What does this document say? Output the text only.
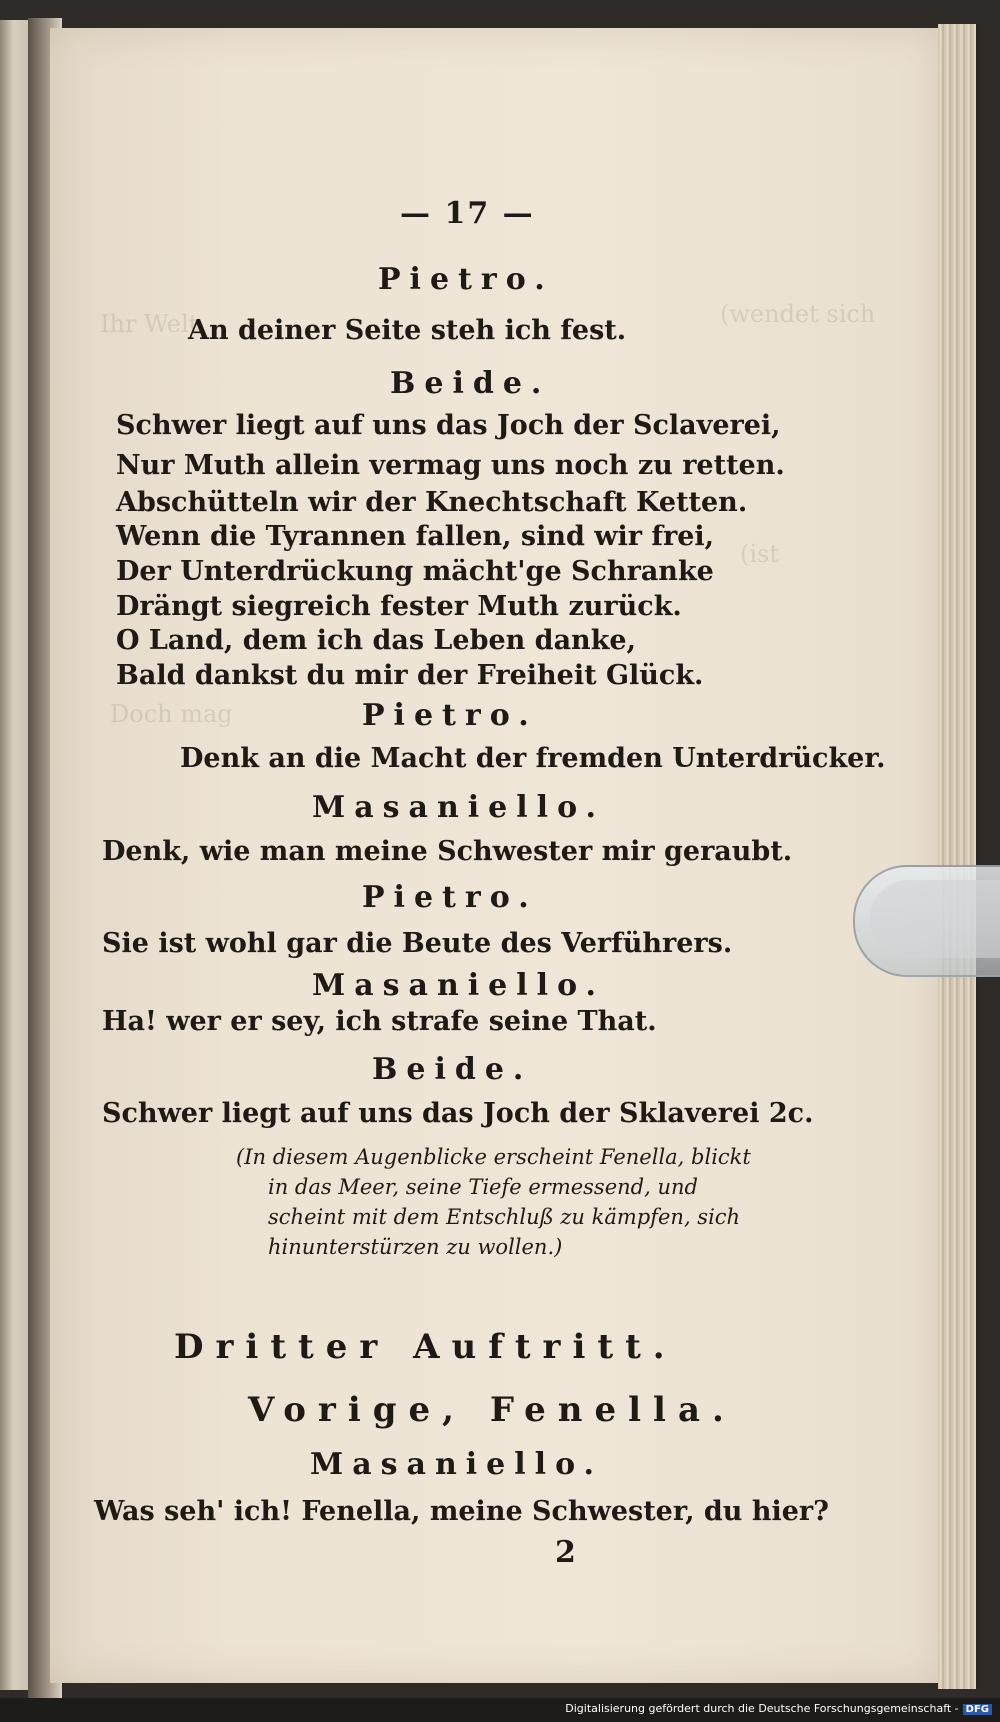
(wendet sich
Ihr Welt
(ist
Doch mag
— 17 —
Pietro.
An deiner Seite steh ich fest.
Beide.
Schwer liegt auf uns das Joch der Sclaverei,
Nur Muth allein vermag uns noch zu retten.
Abschütteln wir der Knechtschaft Ketten.
Wenn die Tyrannen fallen, sind wir frei,
Der Unterdrückung mächt'ge Schranke
Drängt siegreich fester Muth zurück.
O Land, dem ich das Leben danke,
Bald dankst du mir der Freiheit Glück.
Pietro.
Denk an die Macht der fremden Unterdrücker.
Masaniello.
Denk, wie man meine Schwester mir geraubt.
Pietro.
Sie ist wohl gar die Beute des Verführers.
Masaniello.
Ha! wer er sey, ich strafe seine That.
Beide.
Schwer liegt auf uns das Joch der Sklaverei 2c.
(In diesem Augenblicke erscheint Fenella, blickt
in das Meer, seine Tiefe ermessend, und
scheint mit dem Entschluß zu kämpfen, sich
hinunterstürzen zu wollen.)
Dritter Auftritt.
Vorige, Fenella.
Masaniello.
Was seh' ich! Fenella, meine Schwester, du hier?
2
Digitalisierung gefördert durch die Deutsche Forschungsgemeinschaft - DFG
